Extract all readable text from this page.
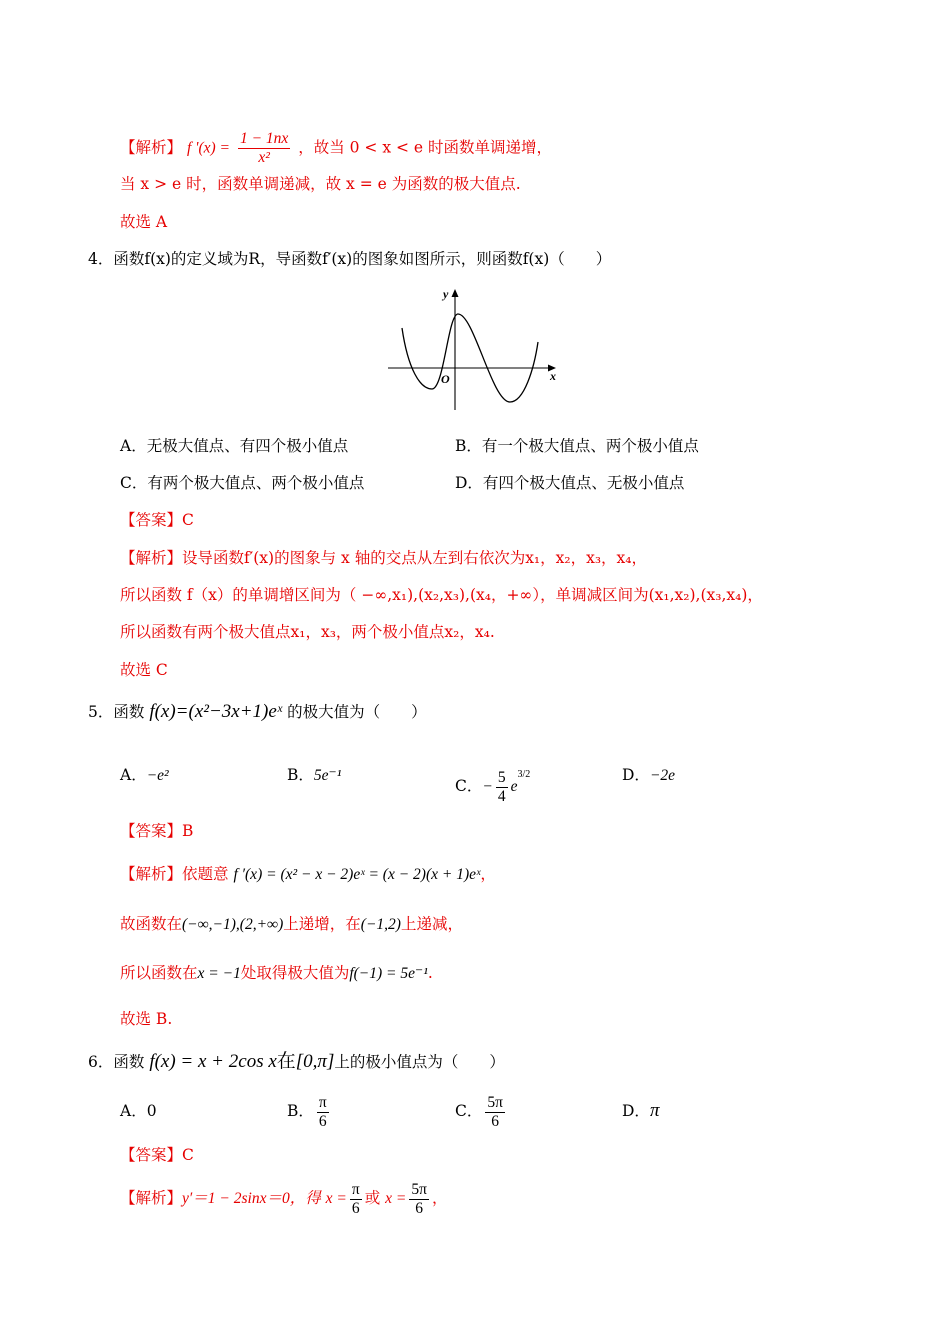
【解析】 f '$(x) = \frac{1 - 1nx}{\text{x²}}$ ，故当 0 < x < e 时函数单调递增，
当 x > e 时，函数单调递减，故 x = e 为函数的极大值点.
故选 A
4．函数f(x)的定义域为R，导函数f′(x)的图象如图所示，则函数f(x)（　　）
y
x
O
A．无极大值点、有四个极小值点	B．有一个极大值点、两个极小值点
C．有两个极大值点、两个极小值点	D．有四个极大值点、无极小值点
【答案】C
【解析】设导函数f′(x)的图象与 x 轴的交点从左到右依次为x₁，x₂，x₃，x₄，
所以函数 f（x）的单调增区间为（ −∞,x₁),(x₂,x₃),(x₄，+∞），单调减区间为(x₁,x₂),(x₃,x₄)，
所以函数有两个极大值点x₁，x₃，两个极小值点x₂，x₄.
故选 C
5．函数 f(x)=(x²−3x+1)eˣ 的极大值为（　　）
A．−e²	B．5e⁻¹
C．− $\frac{5}{4} e^{3/2}$	D．−2e
【答案】B
【解析】依题意 f ′(x) = (x² − x − 2)eˣ = (x − 2)(x + 1)eˣ，
故函数在(−∞,−1),(2,+∞)上递增，在(−1,2)上递减，
所以函数在x = −1处取得极大值为f(−1) = 5e⁻¹.
故选 B.
6．函数 f(x) = x + 2cos x在[0,π]上的极小值点为（　　）
A．0	B． $\frac{\pi}{6}$	C． $\frac{5\pi}{6}$	D．π
【答案】C
【解析】y′＝1 − 2sinx＝0，得 $x = \frac{\pi}{6}$ 或 $x = \frac{5\pi}{6}$ ，
